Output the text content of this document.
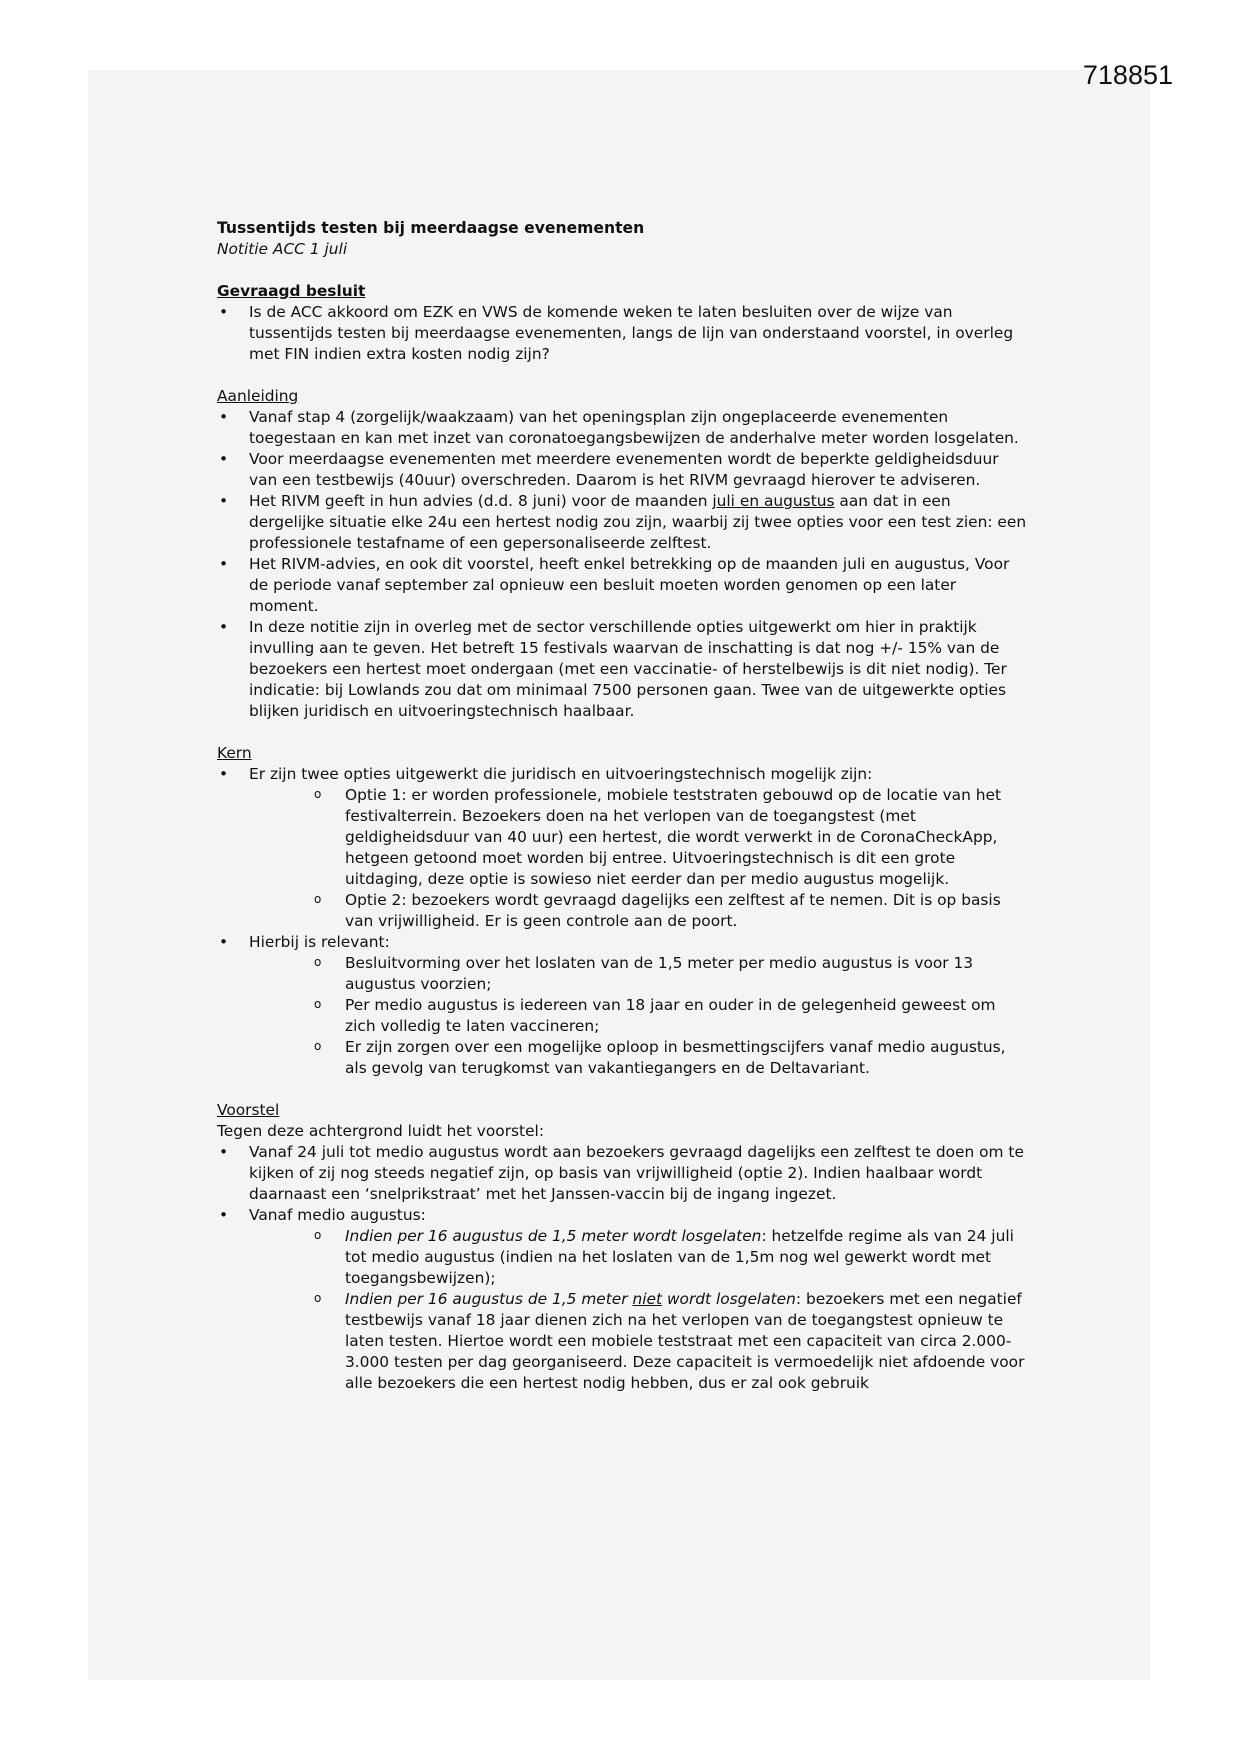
718851
Tussentijds testen bij meerdaagse evenementen
Notitie ACC 1 juli
Gevraagd besluit
• Is de ACC akkoord om EZK en VWS de komende weken te laten besluiten over de wijze van tussentijds testen bij meerdaagse evenementen, langs de lijn van onderstaand voorstel, in overleg met FIN indien extra kosten nodig zijn?
Aanleiding
• Vanaf stap 4 (zorgelijk/waakzaam) van het openingsplan zijn ongeplaceerde evenementen toegestaan en kan met inzet van coronatoegangsbewijzen de anderhalve meter worden losgelaten.
• Voor meerdaagse evenementen met meerdere evenementen wordt de beperkte geldigheidsduur van een testbewijs (40uur) overschreden. Daarom is het RIVM gevraagd hierover te adviseren.
• Het RIVM geeft in hun advies (d.d. 8 juni) voor de maanden juli en augustus aan dat in een dergelijke situatie elke 24u een hertest nodig zou zijn, waarbij zij twee opties voor een test zien: een professionele testafname of een gepersonaliseerde zelftest.
• Het RIVM-advies, en ook dit voorstel, heeft enkel betrekking op de maanden juli en augustus, Voor de periode vanaf september zal opnieuw een besluit moeten worden genomen op een later moment.
• In deze notitie zijn in overleg met de sector verschillende opties uitgewerkt om hier in praktijk invulling aan te geven. Het betreft 15 festivals waarvan de inschatting is dat nog +/- 15% van de bezoekers een hertest moet ondergaan (met een vaccinatie- of herstelbewijs is dit niet nodig). Ter indicatie: bij Lowlands zou dat om minimaal 7500 personen gaan. Twee van de uitgewerkte opties blijken juridisch en uitvoeringstechnisch haalbaar.
Kern
• Er zijn twee opties uitgewerkt die juridisch en uitvoeringstechnisch mogelijk zijn:
o Optie 1: er worden professionele, mobiele teststraten gebouwd op de locatie van het festivalterrein. Bezoekers doen na het verlopen van de toegangstest (met geldigheidsduur van 40 uur) een hertest, die wordt verwerkt in de CoronaCheckApp, hetgeen getoond moet worden bij entree. Uitvoeringstechnisch is dit een grote uitdaging, deze optie is sowieso niet eerder dan per medio augustus mogelijk.
o Optie 2: bezoekers wordt gevraagd dagelijks een zelftest af te nemen. Dit is op basis van vrijwilligheid. Er is geen controle aan de poort.
• Hierbij is relevant:
o Besluitvorming over het loslaten van de 1,5 meter per medio augustus is voor 13 augustus voorzien;
o Per medio augustus is iedereen van 18 jaar en ouder in de gelegenheid geweest om zich volledig te laten vaccineren;
o Er zijn zorgen over een mogelijke oploop in besmettingscijfers vanaf medio augustus, als gevolg van terugkomst van vakantiegangers en de Deltavariant.
Voorstel
Tegen deze achtergrond luidt het voorstel:
• Vanaf 24 juli tot medio augustus wordt aan bezoekers gevraagd dagelijks een zelftest te doen om te kijken of zij nog steeds negatief zijn, op basis van vrijwilligheid (optie 2). Indien haalbaar wordt daarnaast een ‘snelprikstraat’ met het Janssen-vaccin bij de ingang ingezet.
• Vanaf medio augustus:
o Indien per 16 augustus de 1,5 meter wordt losgelaten: hetzelfde regime als van 24 juli tot medio augustus (indien na het loslaten van de 1,5m nog wel gewerkt wordt met toegangsbewijzen);
o Indien per 16 augustus de 1,5 meter niet wordt losgelaten: bezoekers met een negatief testbewijs vanaf 18 jaar dienen zich na het verlopen van de toegangstest opnieuw te laten testen. Hiertoe wordt een mobiele teststraat met een capaciteit van circa 2.000-3.000 testen per dag georganiseerd. Deze capaciteit is vermoedelijk niet afdoende voor alle bezoekers die een hertest nodig hebben, dus er zal ook gebruik
